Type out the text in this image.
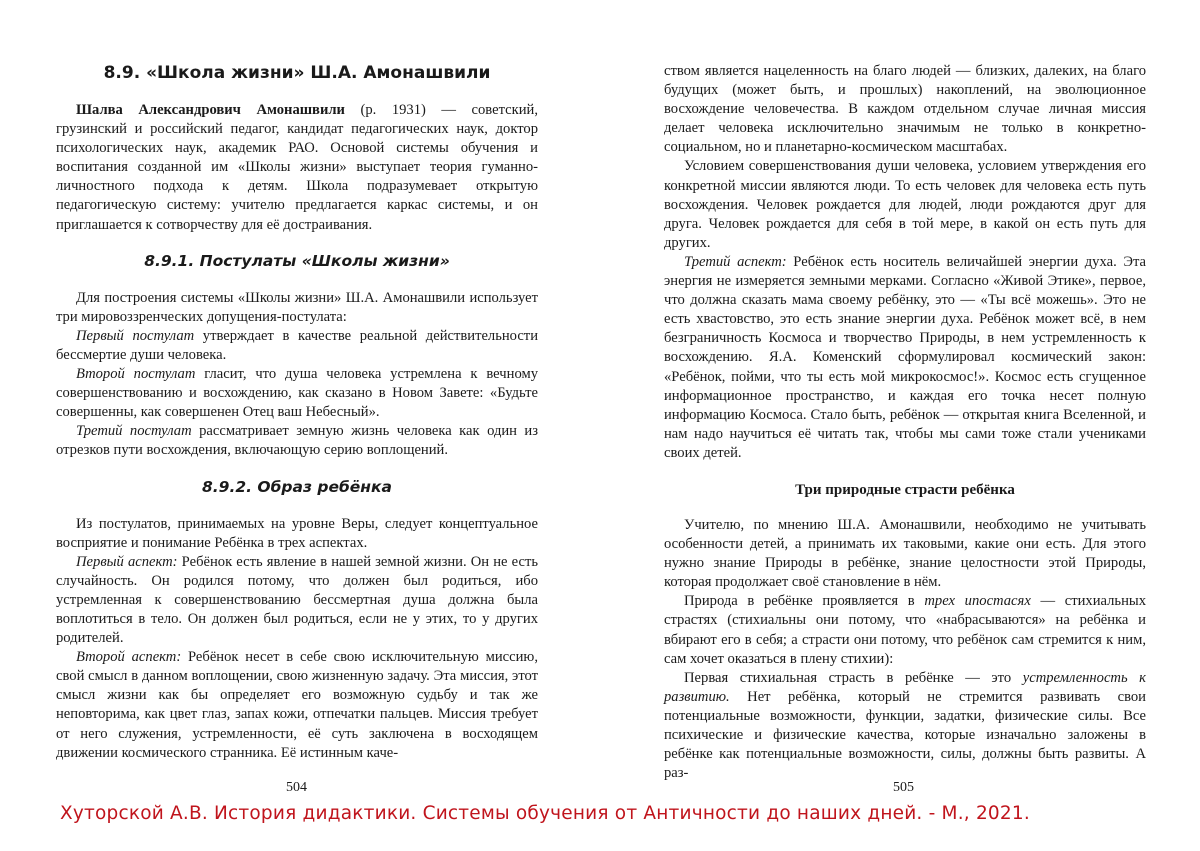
8.9. «Школа жизни» Ш.А. Амонашвили

Шалва Александрович Амонашвили (р. 1931) — советский, грузинский и российский педагог, кандидат педагогических наук, доктор психологических наук, академик РАО. Основой системы обучения и воспитания созданной им «Школы жизни» выступает теория гуманно-личностного подхода к детям. Школа подразумевает открытую педагогическую систему: учителю предлагается каркас системы, и он приглашается к сотворчеству для её достраивания.

8.9.1. Постулаты «Школы жизни»

Для построения системы «Школы жизни» Ш.А. Амонашвили использует три мировоззренческих допущения-постулата:

Первый постулат утверждает в качестве реальной действительности бессмертие души человека.

Второй постулат гласит, что душа человека устремлена к вечному совершенствованию и восхождению, как сказано в Новом Завете: «Будьте совершенны, как совершенен Отец ваш Небесный».

Третий постулат рассматривает земную жизнь человека как один из отрезков пути восхождения, включающую серию воплощений.

8.9.2. Образ ребёнка

Из постулатов, принимаемых на уровне Веры, следует концептуальное восприятие и понимание Ребёнка в трех аспектах.

Первый аспект: Ребёнок есть явление в нашей земной жизни. Он не есть случайность. Он родился потому, что должен был родиться, ибо устремленная к совершенствованию бессмертная душа должна была воплотиться в тело. Он должен был родиться, если не у этих, то у других родителей.

Второй аспект: Ребёнок несет в себе свою исключительную миссию, свой смысл в данном воплощении, свою жизненную задачу. Эта миссия, этот смысл жизни как бы определяет его возможную судьбу и так же неповторима, как цвет глаз, запах кожи, отпечатки пальцев. Миссия требует от него служения, устремленности, её суть заключена в восходящем движении космического странника. Её истинным каче-

504

ством является нацеленность на благо людей — близких, далеких, на благо будущих (может быть, и прошлых) накоплений, на эволюционное восхождение человечества. В каждом отдельном случае личная миссия делает человека исключительно значимым не только в конкретно-социальном, но и планетарно-космическом масштабах.

Условием совершенствования души человека, условием утверждения его конкретной миссии являются люди. То есть человек для человека есть путь восхождения. Человек рождается для людей, люди рождаются друг для друга. Человек рождается для себя в той мере, в какой он есть путь для других.

Третий аспект: Ребёнок есть носитель величайшей энергии духа. Эта энергия не измеряется земными мерками. Согласно «Живой Этике», первое, что должна сказать мама своему ребёнку, это — «Ты всё можешь». Это не есть хвастовство, это есть знание энергии духа. Ребёнок может всё, в нем безграничность Космоса и творчество Природы, в нем устремленность к восхождению. Я.А. Коменский сформулировал космический закон: «Ребёнок, пойми, что ты есть мой микрокосмос!». Космос есть сгущенное информационное пространство, и каждая его точка несет полную информацию Космоса. Стало быть, ребёнок — открытая книга Вселенной, и нам надо научиться её читать так, чтобы мы сами тоже стали учениками своих детей.

Три природные страсти ребёнка

Учителю, по мнению Ш.А. Амонашвили, необходимо не учитывать особенности детей, а принимать их таковыми, какие они есть. Для этого нужно знание Природы в ребёнке, знание целостности этой Природы, которая продолжает своё становление в нём.

Природа в ребёнке проявляется в трех ипостасях — стихиальных страстях (стихиальны они потому, что «набрасываются» на ребёнка и вбирают его в себя; а страсти они потому, что ребёнок сам стремится к ним, сам хочет оказаться в плену стихии):

Первая стихиальная страсть в ребёнке — это устремленность к развитию. Нет ребёнка, который не стремится развивать свои потенциальные возможности, функции, задатки, физические силы. Все психические и физические качества, которые изначально заложены в ребёнке как потенциальные возможности, силы, должны быть развиты. А раз-

505
Хуторской А.В. История дидактики. Системы обучения от Античности до наших дней. - М., 2021.
